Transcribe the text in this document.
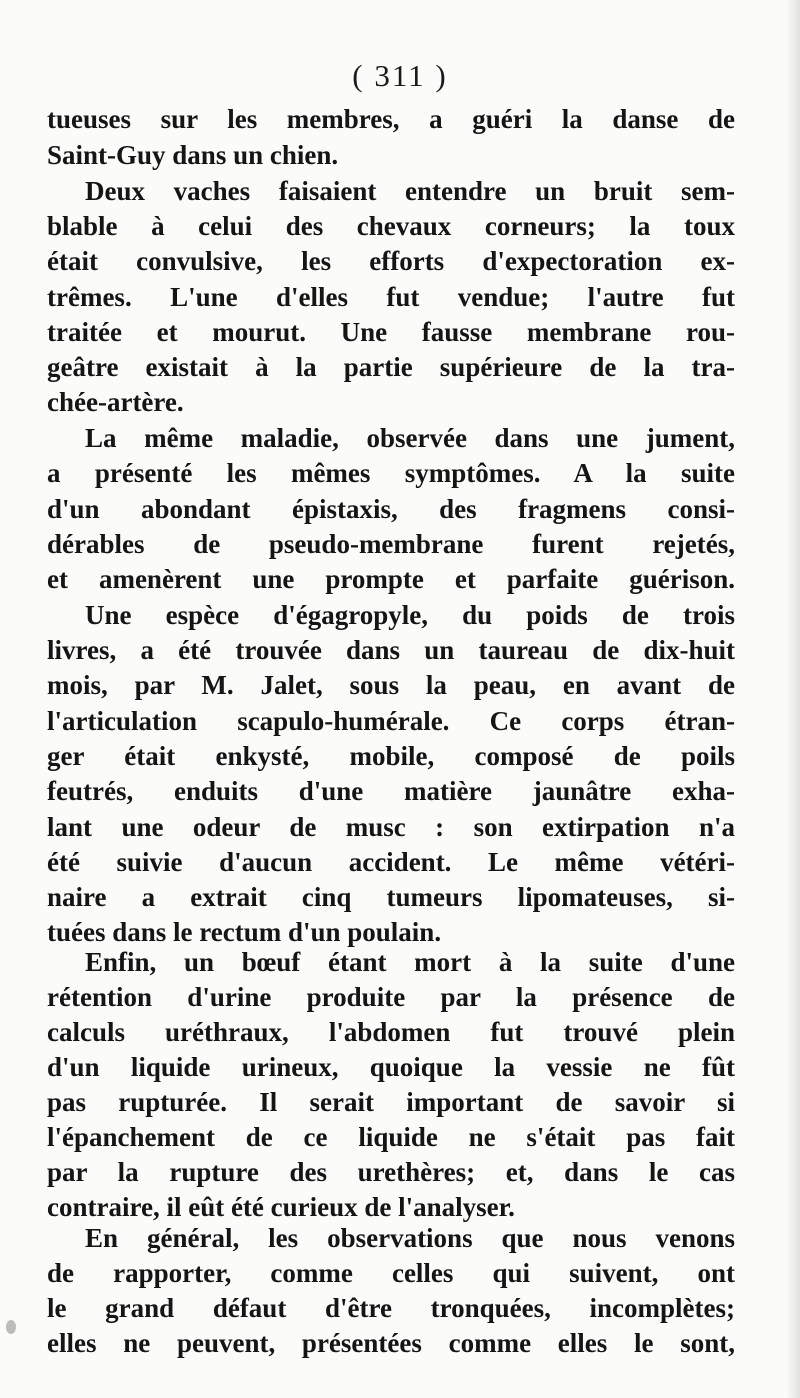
( 311 )
tueuses sur les membres, a guéri la danse de
Saint-Guy dans un chien.
Deux vaches faisaient entendre un bruit sem-
blable à celui des chevaux corneurs; la toux
était convulsive, les efforts d'expectoration ex-
trêmes. L'une d'elles fut vendue; l'autre fut
traitée et mourut. Une fausse membrane rou-
geâtre existait à la partie supérieure de la tra-
chée-artère.
La même maladie, observée dans une jument,
a présenté les mêmes symptômes. A la suite
d'un abondant épistaxis, des fragmens consi-
dérables de pseudo-membrane furent rejetés,
et amenèrent une prompte et parfaite guérison.
Une espèce d'égagropyle, du poids de trois
livres, a été trouvée dans un taureau de dix-huit
mois, par M. Jalet, sous la peau, en avant de
l'articulation scapulo-humérale. Ce corps étran-
ger était enkysté, mobile, composé de poils
feutrés, enduits d'une matière jaunâtre exha-
lant une odeur de musc : son extirpation n'a
été suivie d'aucun accident. Le même vétéri-
naire a extrait cinq tumeurs lipomateuses, si-
tuées dans le rectum d'un poulain.
Enfin, un bœuf étant mort à la suite d'une
rétention d'urine produite par la présence de
calculs uréthraux, l'abdomen fut trouvé plein
d'un liquide urineux, quoique la vessie ne fût
pas rupturée. Il serait important de savoir si
l'épanchement de ce liquide ne s'était pas fait
par la rupture des urethères; et, dans le cas
contraire, il eût été curieux de l'analyser.
En général, les observations que nous venons
de rapporter, comme celles qui suivent, ont
le grand défaut d'être tronquées, incomplètes;
elles ne peuvent, présentées comme elles le sont,
